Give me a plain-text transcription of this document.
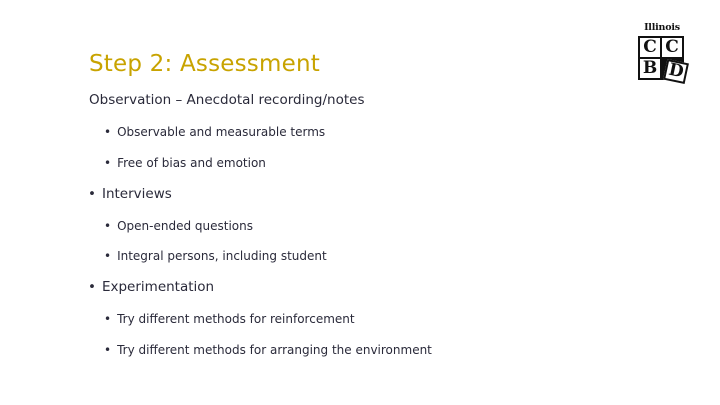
Step 2: Assessment
Observation – Anecdotal recording/notes
• Observable and measurable terms
• Free of bias and emotion
• Interviews
• Open-ended questions
• Integral persons, including student
• Experimentation
• Try different methods for reinforcement
• Try different methods for arranging the environment
Illinois
C C
B D
